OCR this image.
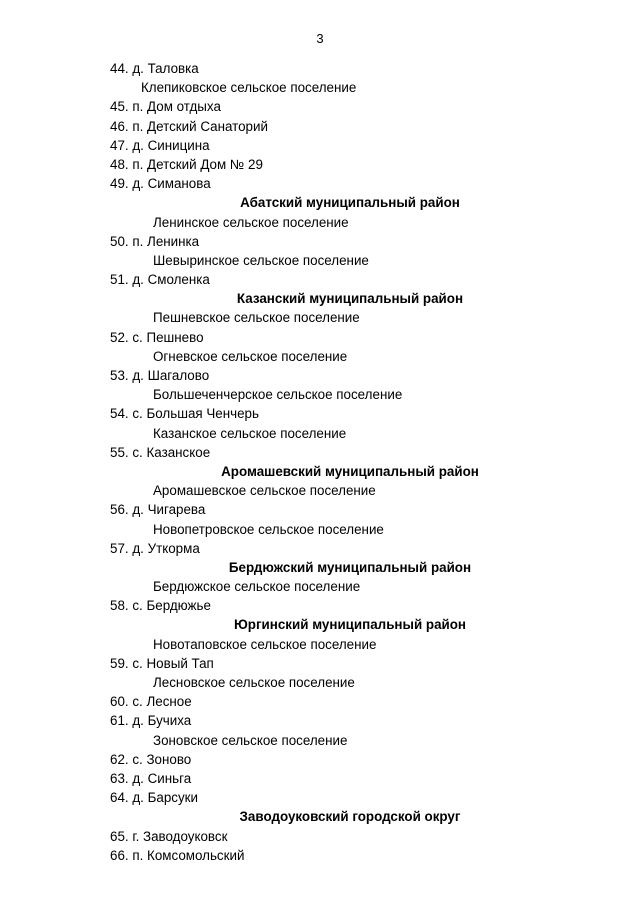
3
44. д. Таловка
Клепиковское сельское поселение
45. п. Дом отдыха
46. п. Детский Санаторий
47. д. Синицина
48. п. Детский Дом № 29
49. д. Симанова
Абатский муниципальный район
Ленинское сельское поселение
50. п. Ленинка
Шевыринское сельское поселение
51. д. Смоленка
Казанский муниципальный район
Пешневское сельское поселение
52. с. Пешнево
Огневское сельское поселение
53. д. Шагалово
Большеченчерское сельское поселение
54. с. Большая Ченчерь
Казанское сельское поселение
55. с. Казанское
Аромашевский муниципальный район
Аромашевское сельское поселение
56. д. Чигарева
Новопетровское сельское поселение
57. д. Уткорма
Бердюжский муниципальный район
Бердюжское сельское поселение
58. с. Бердюжье
Юргинский муниципальный район
Новотаповское сельское поселение
59. с. Новый Тап
Лесновское сельское поселение
60. с. Лесное
61. д. Бучиха
Зоновское сельское поселение
62. с. Зоново
63. д. Синьга
64. д. Барсуки
Заводоуковский городской округ
65. г. Заводоуковск
66. п. Комсомольский
